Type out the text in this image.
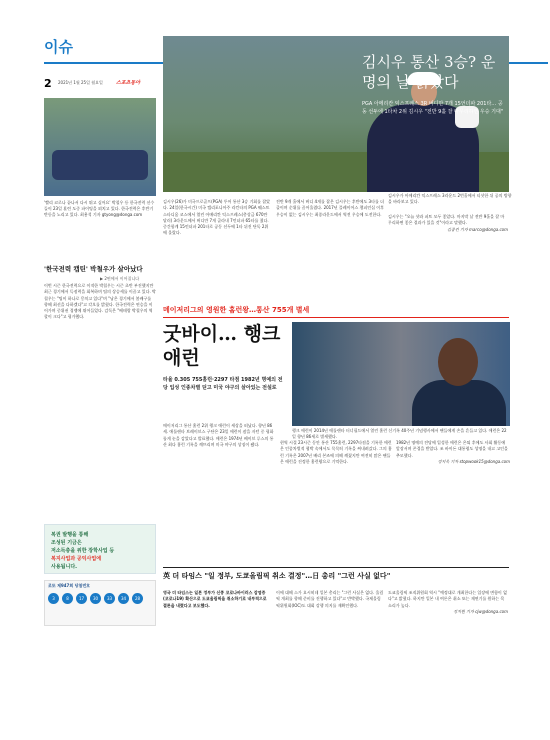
이슈
2 2021년 1월 25일 월요일	스포츠동아
김시우 통산 3승? 운명의 날 밝았다
PGA 아메리칸 익스프레스 3R 버디만 7개 15언더파 201타… 공동 선두에 1타차 2위 김시우 "전반 9홀 잘 마무리하면 우승 기대"
김시우가 아메리칸 익스프레스 3라운드 2번홀에서 티샷한 뒤 공의 방향을 바라보고 있다.
김시우(26)가 미국프로골프(PGA) 투어 통산 3승 기회를 잡았다. 24일(한국시간) 미국 캘리포니아주 라킨타의 PGA 웨스트 스타디움 코스에서 열린 아메리칸 익스프레스(총상금 670만 달러) 3라운드에서 버디만 7개 골라내 7언더파 65타를 쳤다. 중간합계 15언더파 201타로 공동 선두에 1타 뒤진 단독 2위에 올랐다.
전반 9개 홀에서 버디 4개를 잡은 김시우는 후반에도 3타를 더 줄이며 순위를 끌어올렸다. 2017년 플레이어스 챔피언십 이후 우승이 없는 김시우는 최종라운드에서 역전 우승에 도전한다.	김시우는 "오늘 샷과 퍼트 모두 좋았다. 마지막 날 전반 9홀을 잘 마무리하면 좋은 결과가 있을 것"이라고 말했다.
김종건 기자 marco@donga.com
'빨리 코로나 끝나서 다시 뛰고 싶어요' 박철우 등 한국전력 선수들이 23일 훈련 도중 파이팅을 외치고 있다. 한국전력은 후반기 반등을 노리고 있다. 최용석 기자 gtyong@donga.com
'한국전력 캡틴' 박철우가 살아났다
▶ 2면에서 이어집니다
이번 시즌 한국전력으로 이적한 박철우는 시즌 초반 부진했지만 최근 경기에서 득점력을 회복하며 팀의 상승세를 이끌고 있다. 박철우는 "팀이 하나로 뭉치고 있다"며 "남은 경기에서 봄배구를 향해 최선을 다하겠다"고 각오를 밝혔다. 한국전력은 연승을 이어가며 중위권 경쟁에 뛰어들었다. 감독은 "베테랑 박철우의 역할이 크다"고 평가했다.
메이저리그의 영원한 홈런왕…통산 755개 별세
굿바이… 행크 애런
타율 0.305 755홈런·2297 타점 1982년 명예의 전당 입성 인종차별 딛고 미국 야구의 살아있는 전설로
행크 애런이 2014년 애틀랜타 터너필드에서 열린 홈런 신기록 40주년 기념행사에서 팬들에게 손을 흔들고 있다. 애런은 22일 향년 86세로 별세했다.
메이저리그 통산 홈런 2위 행크 애런이 세상을 떠났다. 향년 86세. 애틀랜타 브레이브스 구단은 23일 애런이 잠을 자던 중 평화롭게 눈을 감았다고 발표했다. 애런은 1974년 베이브 루스의 통산 최다 홈런 기록을 깨뜨리며 미국 야구의 상징이 됐다.	현역 시절 23시즌 동안 통산 755홈런, 2297타점을 기록한 애런은 인종차별적 협박 속에서도 묵묵히 기록을 써내려갔다. 그의 홈런 기록은 2007년 배리 본즈에 의해 깨졌지만 여전히 많은 팬들은 애런을 진정한 홈런왕으로 기억한다.
1982년 명예의 전당에 입성한 애런은 은퇴 후에도 사회 활동에 앞장서며 존경을 받았다. 조 바이든 대통령도 성명을 내고 고인을 추모했다.
정지욱 기자 stopwook15@donga.com
복권 발행을 통해
조성된 기금은
저소득층을 위한 장학사업 등
복지사업과 공익사업에
사용됩니다.
로또 제947회 당첨번호
3	8	17	30	33	34	28
英 더 타임스 "일 정부, 도쿄올림픽 취소 결정"…日 총리 "그런 사실 없다"
영국 더 타임스는 일본 정부가 신종 코로나바이러스 감염증(코로나19) 확산으로 도쿄올림픽을 취소하기로 내부적으로 결론을 내렸다고 보도했다.
이에 대해 스가 요시히데 일본 총리는 "그런 사실은 없다. 올림픽 개최를 향해 준비를 진행하고 있다"고 반박했다. 국제올림픽위원회(IOC)도 대회 강행 의지를 재확인했다.
도쿄올림픽 조직위원회 역시 "예정대로 개최한다는 입장에 변함이 없다"고 밝혔다. 하지만 일본 내 여론은 취소 또는 재연기를 원하는 목소리가 높다.
정지원 기자 cjw@donga.com
